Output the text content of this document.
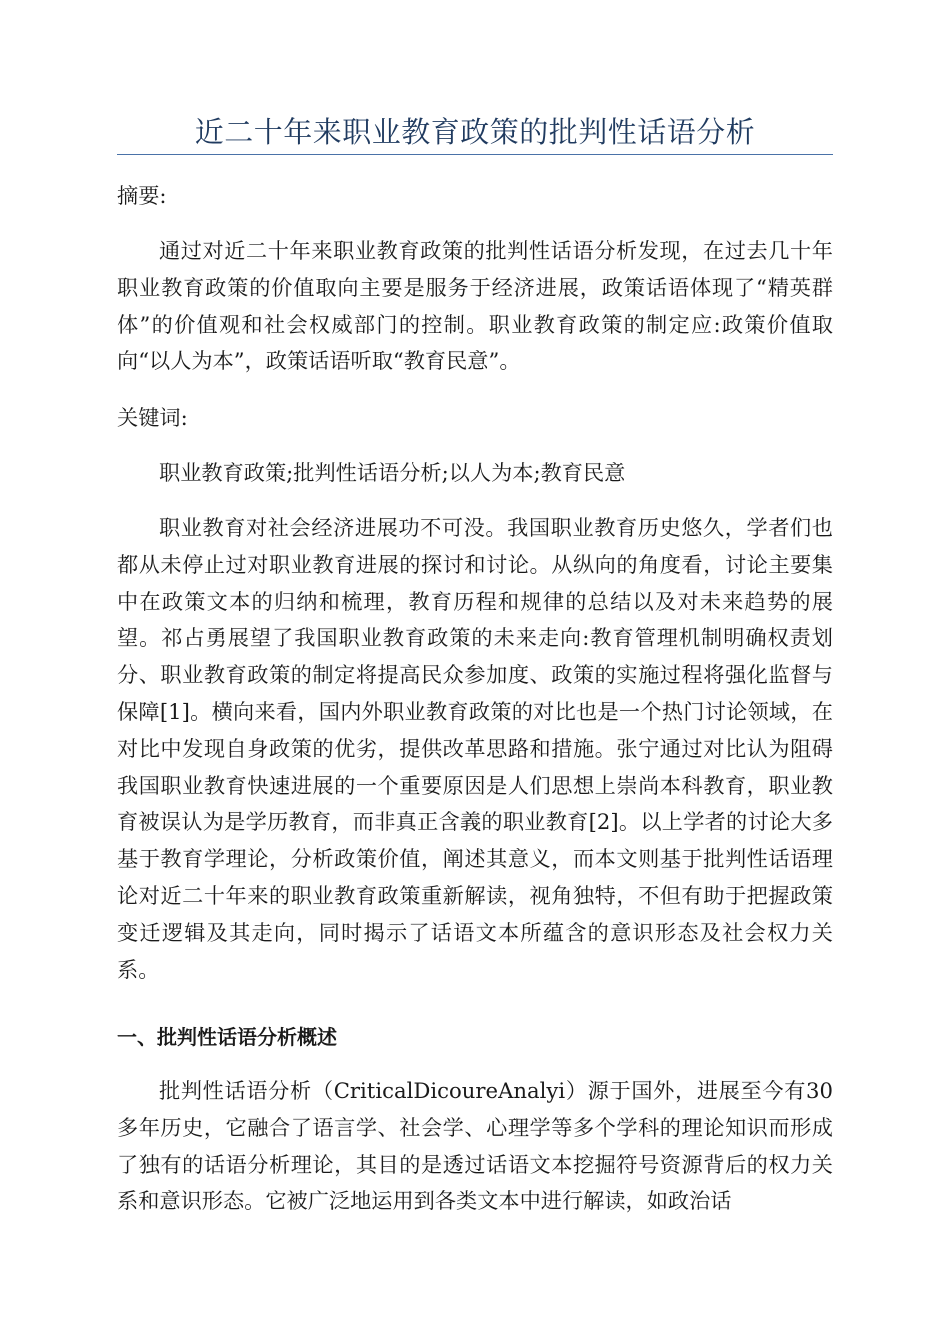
近二十年来职业教育政策的批判性话语分析

摘要:

通过对近二十年来职业教育政策的批判性话语分析发现，在过去几十年职业教育政策的价值取向主要是服务于经济进展，政策话语体现了“精英群体”的价值观和社会权威部门的控制。职业教育政策的制定应:政策价值取向“以人为本”，政策话语听取“教育民意”。

关键词:

职业教育政策;批判性话语分析;以人为本;教育民意

职业教育对社会经济进展功不可没。我国职业教育历史悠久，学者们也都从未停止过对职业教育进展的探讨和讨论。从纵向的角度看，讨论主要集中在政策文本的归纳和梳理，教育历程和规律的总结以及对未来趋势的展望。祁占勇展望了我国职业教育政策的未来走向:教育管理机制明确权责划分、职业教育政策的制定将提高民众参加度、政策的实施过程将强化监督与保障[1]。横向来看，国内外职业教育政策的对比也是一个热门讨论领域，在对比中发现自身政策的优劣，提供改革思路和措施。张宁通过对比认为阻碍我国职业教育快速进展的一个重要原因是人们思想上崇尚本科教育，职业教育被误认为是学历教育，而非真正含義的职业教育[2]。以上学者的讨论大多基于教育学理论，分析政策价值，阐述其意义，而本文则基于批判性话语理论对近二十年来的职业教育政策重新解读，视角独特，不但有助于把握政策变迁逻辑及其走向，同时揭示了话语文本所蕴含的意识形态及社会权力关系。

一、批判性话语分析概述

批判性话语分析（CriticalDicoureAnalyi）源于国外，进展至今有30多年历史，它融合了语言学、社会学、心理学等多个学科的理论知识而形成了独有的话语分析理论，其目的是透过话语文本挖掘符号资源背后的权力关系和意识形态。它被广泛地运用到各类文本中进行解读，如政治话
